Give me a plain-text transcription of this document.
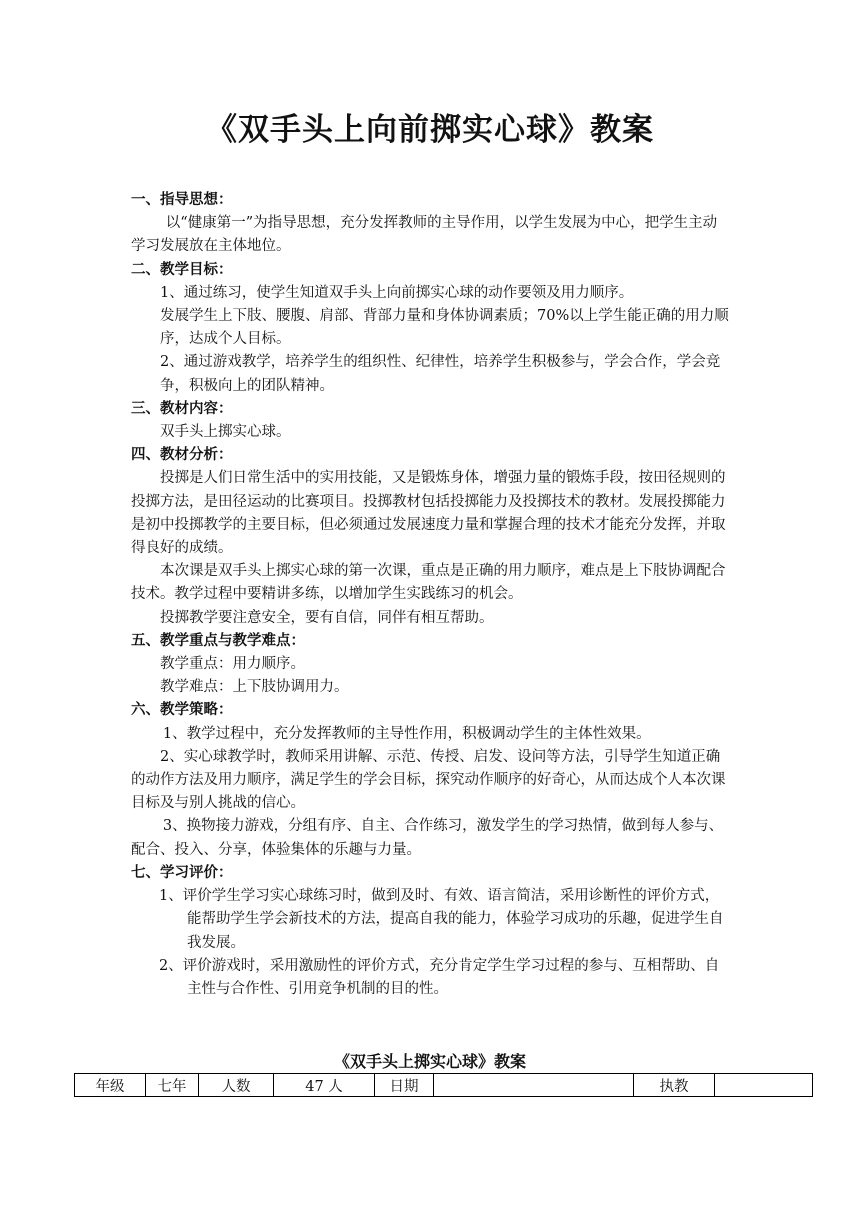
《双手头上向前掷实心球》教案

一、指导思想：

以“健康第一”为指导思想，充分发挥教师的主导作用，以学生发展为中心，把学生主动学习发展放在主体地位。

二、教学目标：

1、通过练习，使学生知道双手头上向前掷实心球的动作要领及用力顺序。

发展学生上下肢、腰腹、肩部、背部力量和身体协调素质；70%以上学生能正确的用力顺序，达成个人目标。

2、通过游戏教学，培养学生的组织性、纪律性，培养学生积极参与，学会合作，学会竞争，积极向上的团队精神。

三、教材内容：

双手头上掷实心球。

四、教材分析：

投掷是人们日常生活中的实用技能，又是锻炼身体，增强力量的锻炼手段，按田径规则的投掷方法，是田径运动的比赛项目。投掷教材包括投掷能力及投掷技术的教材。发展投掷能力是初中投掷教学的主要目标，但必须通过发展速度力量和掌握合理的技术才能充分发挥，并取得良好的成绩。

本次课是双手头上掷实心球的第一次课，重点是正确的用力顺序，难点是上下肢协调配合技术。教学过程中要精讲多练，以增加学生实践练习的机会。

投掷教学要注意安全，要有自信，同伴有相互帮助。

五、教学重点与教学难点：

教学重点：用力顺序。

教学难点：上下肢协调用力。

六、教学策略：

1、教学过程中，充分发挥教师的主导性作用，积极调动学生的主体性效果。

2、实心球教学时，教师采用讲解、示范、传授、启发、设问等方法，引导学生知道正确的动作方法及用力顺序，满足学生的学会目标，探究动作顺序的好奇心，从而达成个人本次课目标及与别人挑战的信心。

3、换物接力游戏，分组有序、自主、合作练习，激发学生的学习热情，做到每人参与、配合、投入、分享，体验集体的乐趣与力量。

七、学习评价：

1、评价学生学习实心球练习时，做到及时、有效、语言简洁，采用诊断性的评价方式，能帮助学生学会新技术的方法，提高自我的能力，体验学习成功的乐趣，促进学生自我发展。

2、评价游戏时，采用激励性的评价方式，充分肯定学生学习过程的参与、互相帮助、自主性与合作性、引用竞争机制的目的性。

《双手头上掷实心球》教案
年级	七年	人数	47 人	日期		执教	
